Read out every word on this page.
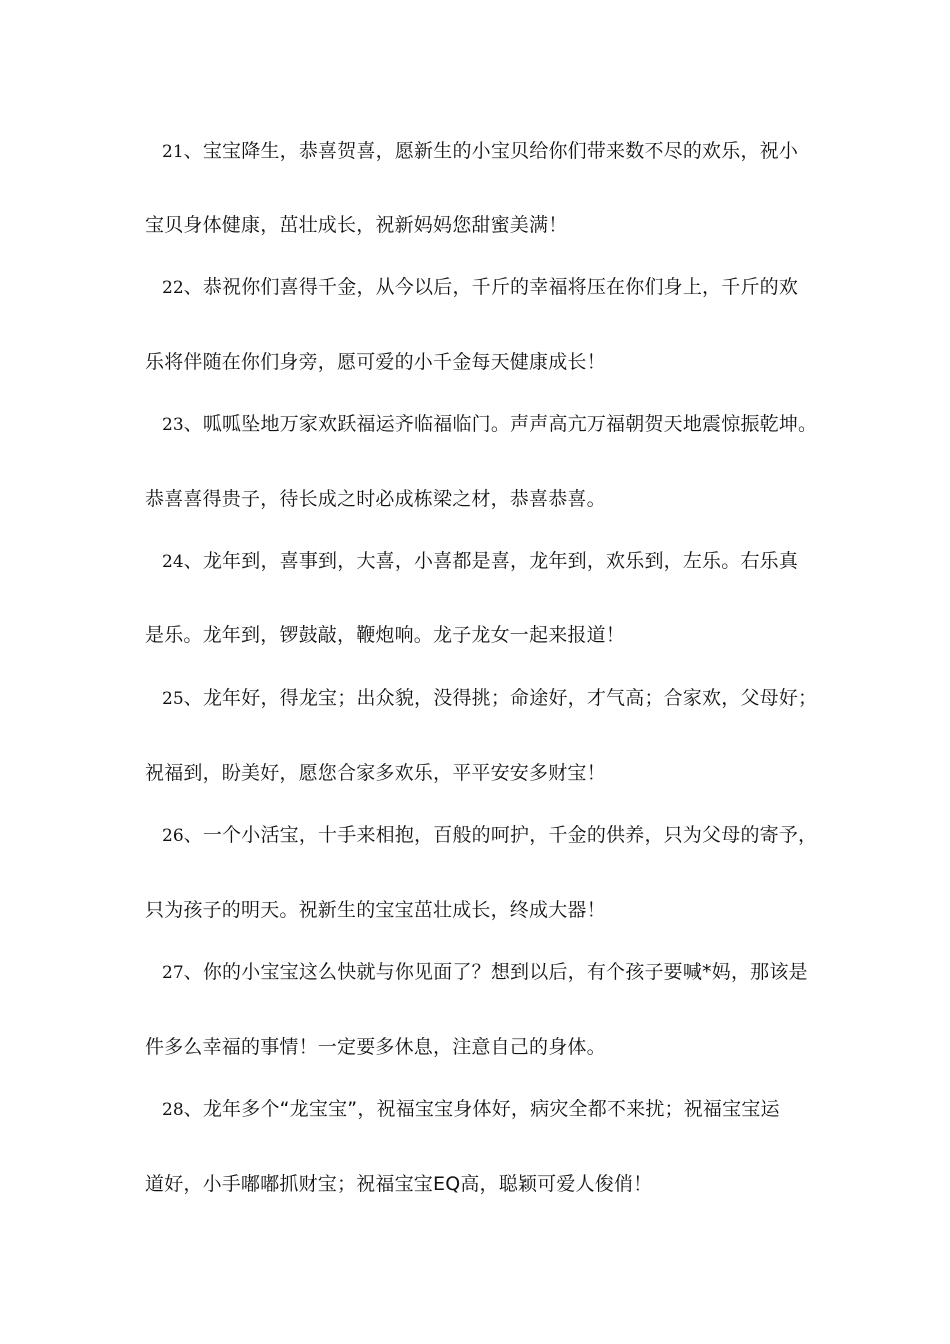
21、宝宝降生，恭喜贺喜，愿新生的小宝贝给你们带来数不尽的欢乐，祝小
宝贝身体健康，茁壮成长，祝新妈妈您甜蜜美满！
22、恭祝你们喜得千金，从今以后，千斤的幸福将压在你们身上，千斤的欢
乐将伴随在你们身旁，愿可爱的小千金每天健康成长！
23、呱呱坠地万家欢跃福运齐临福临门。声声高亢万福朝贺天地震惊振乾坤。
恭喜喜得贵子，待长成之时必成栋梁之材，恭喜恭喜。
24、龙年到，喜事到，大喜，小喜都是喜，龙年到，欢乐到，左乐。右乐真
是乐。龙年到，锣鼓敲，鞭炮响。龙子龙女一起来报道！
25、龙年好，得龙宝；出众貌，没得挑；命途好，才气高；合家欢，父母好；
祝福到，盼美好，愿您合家多欢乐，平平安安多财宝！
26、一个小活宝，十手来相抱，百般的呵护，千金的供养，只为父母的寄予，
只为孩子的明天。祝新生的宝宝茁壮成长，终成大器！
27、你的小宝宝这么快就与你见面了？想到以后，有个孩子要喊*妈，那该是
件多么幸福的事情！一定要多休息，注意自己的身体。
28、龙年多个“龙宝宝”，祝福宝宝身体好，病灾全都不来扰；祝福宝宝运
道好，小手嘟嘟抓财宝；祝福宝宝EQ高，聪颖可爱人俊俏！
